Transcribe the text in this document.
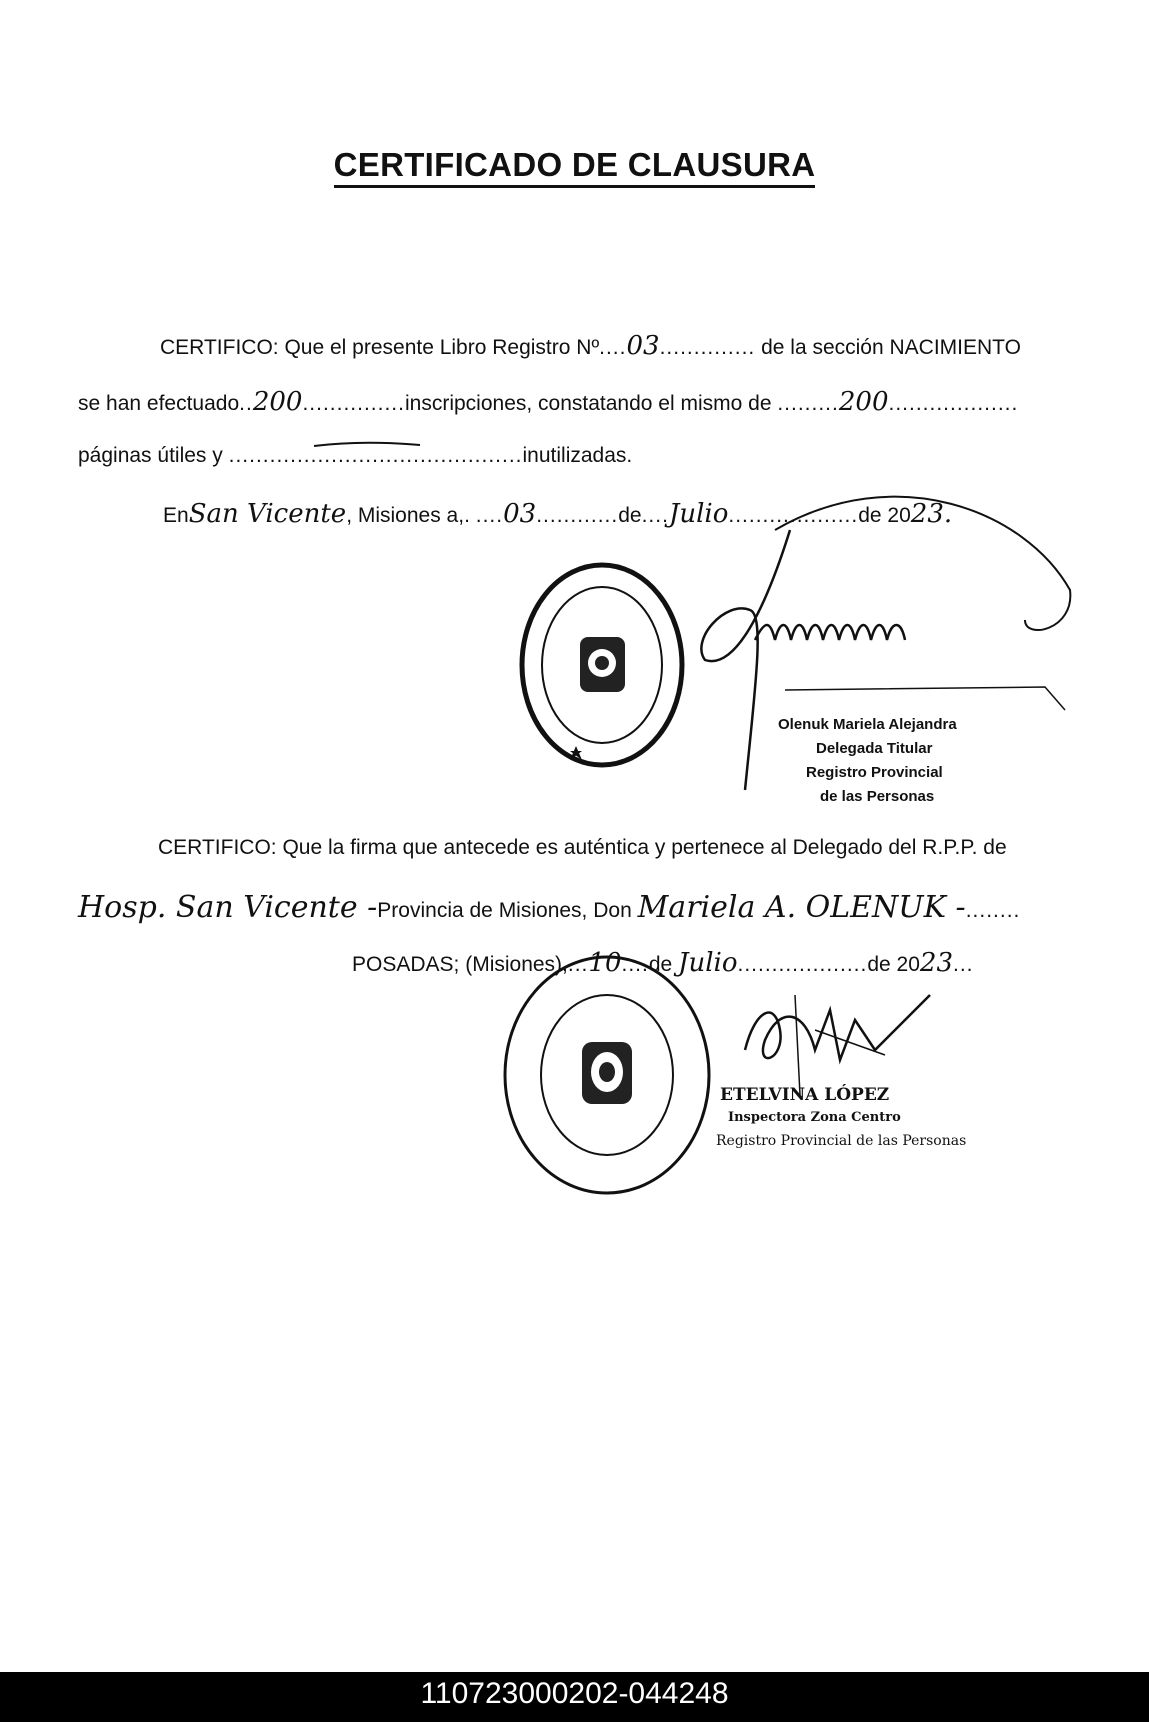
CERTIFICADO DE CLAUSURA
CERTIFICO: Que el presente Libro Registro Nº....03.............. de la sección NACIMIENTO
se han efectuado..200...............inscripciones, constatando el mismo de .........200...................
páginas útiles y ...........................................inutilizadas.
EnSan Vicente, Misiones a,. ....03............de....Julio...................de 2023.
Olenuk Mariela Alejandra
Delegada Titular
Registro Provincial
de las Personas
CERTIFICO: Que la firma que antecede es auténtica y pertenece al Delegado del R.P.P. de
Hosp. San Vicente -Provincia de Misiones, Don Mariela A. OLENUK -........
POSADAS; (Misiones),...10....de Julio...................de 2023...
ETELVINA LÓPEZ
Inspectora Zona Centro
Registro Provincial de las Personas
110723000202-044248
